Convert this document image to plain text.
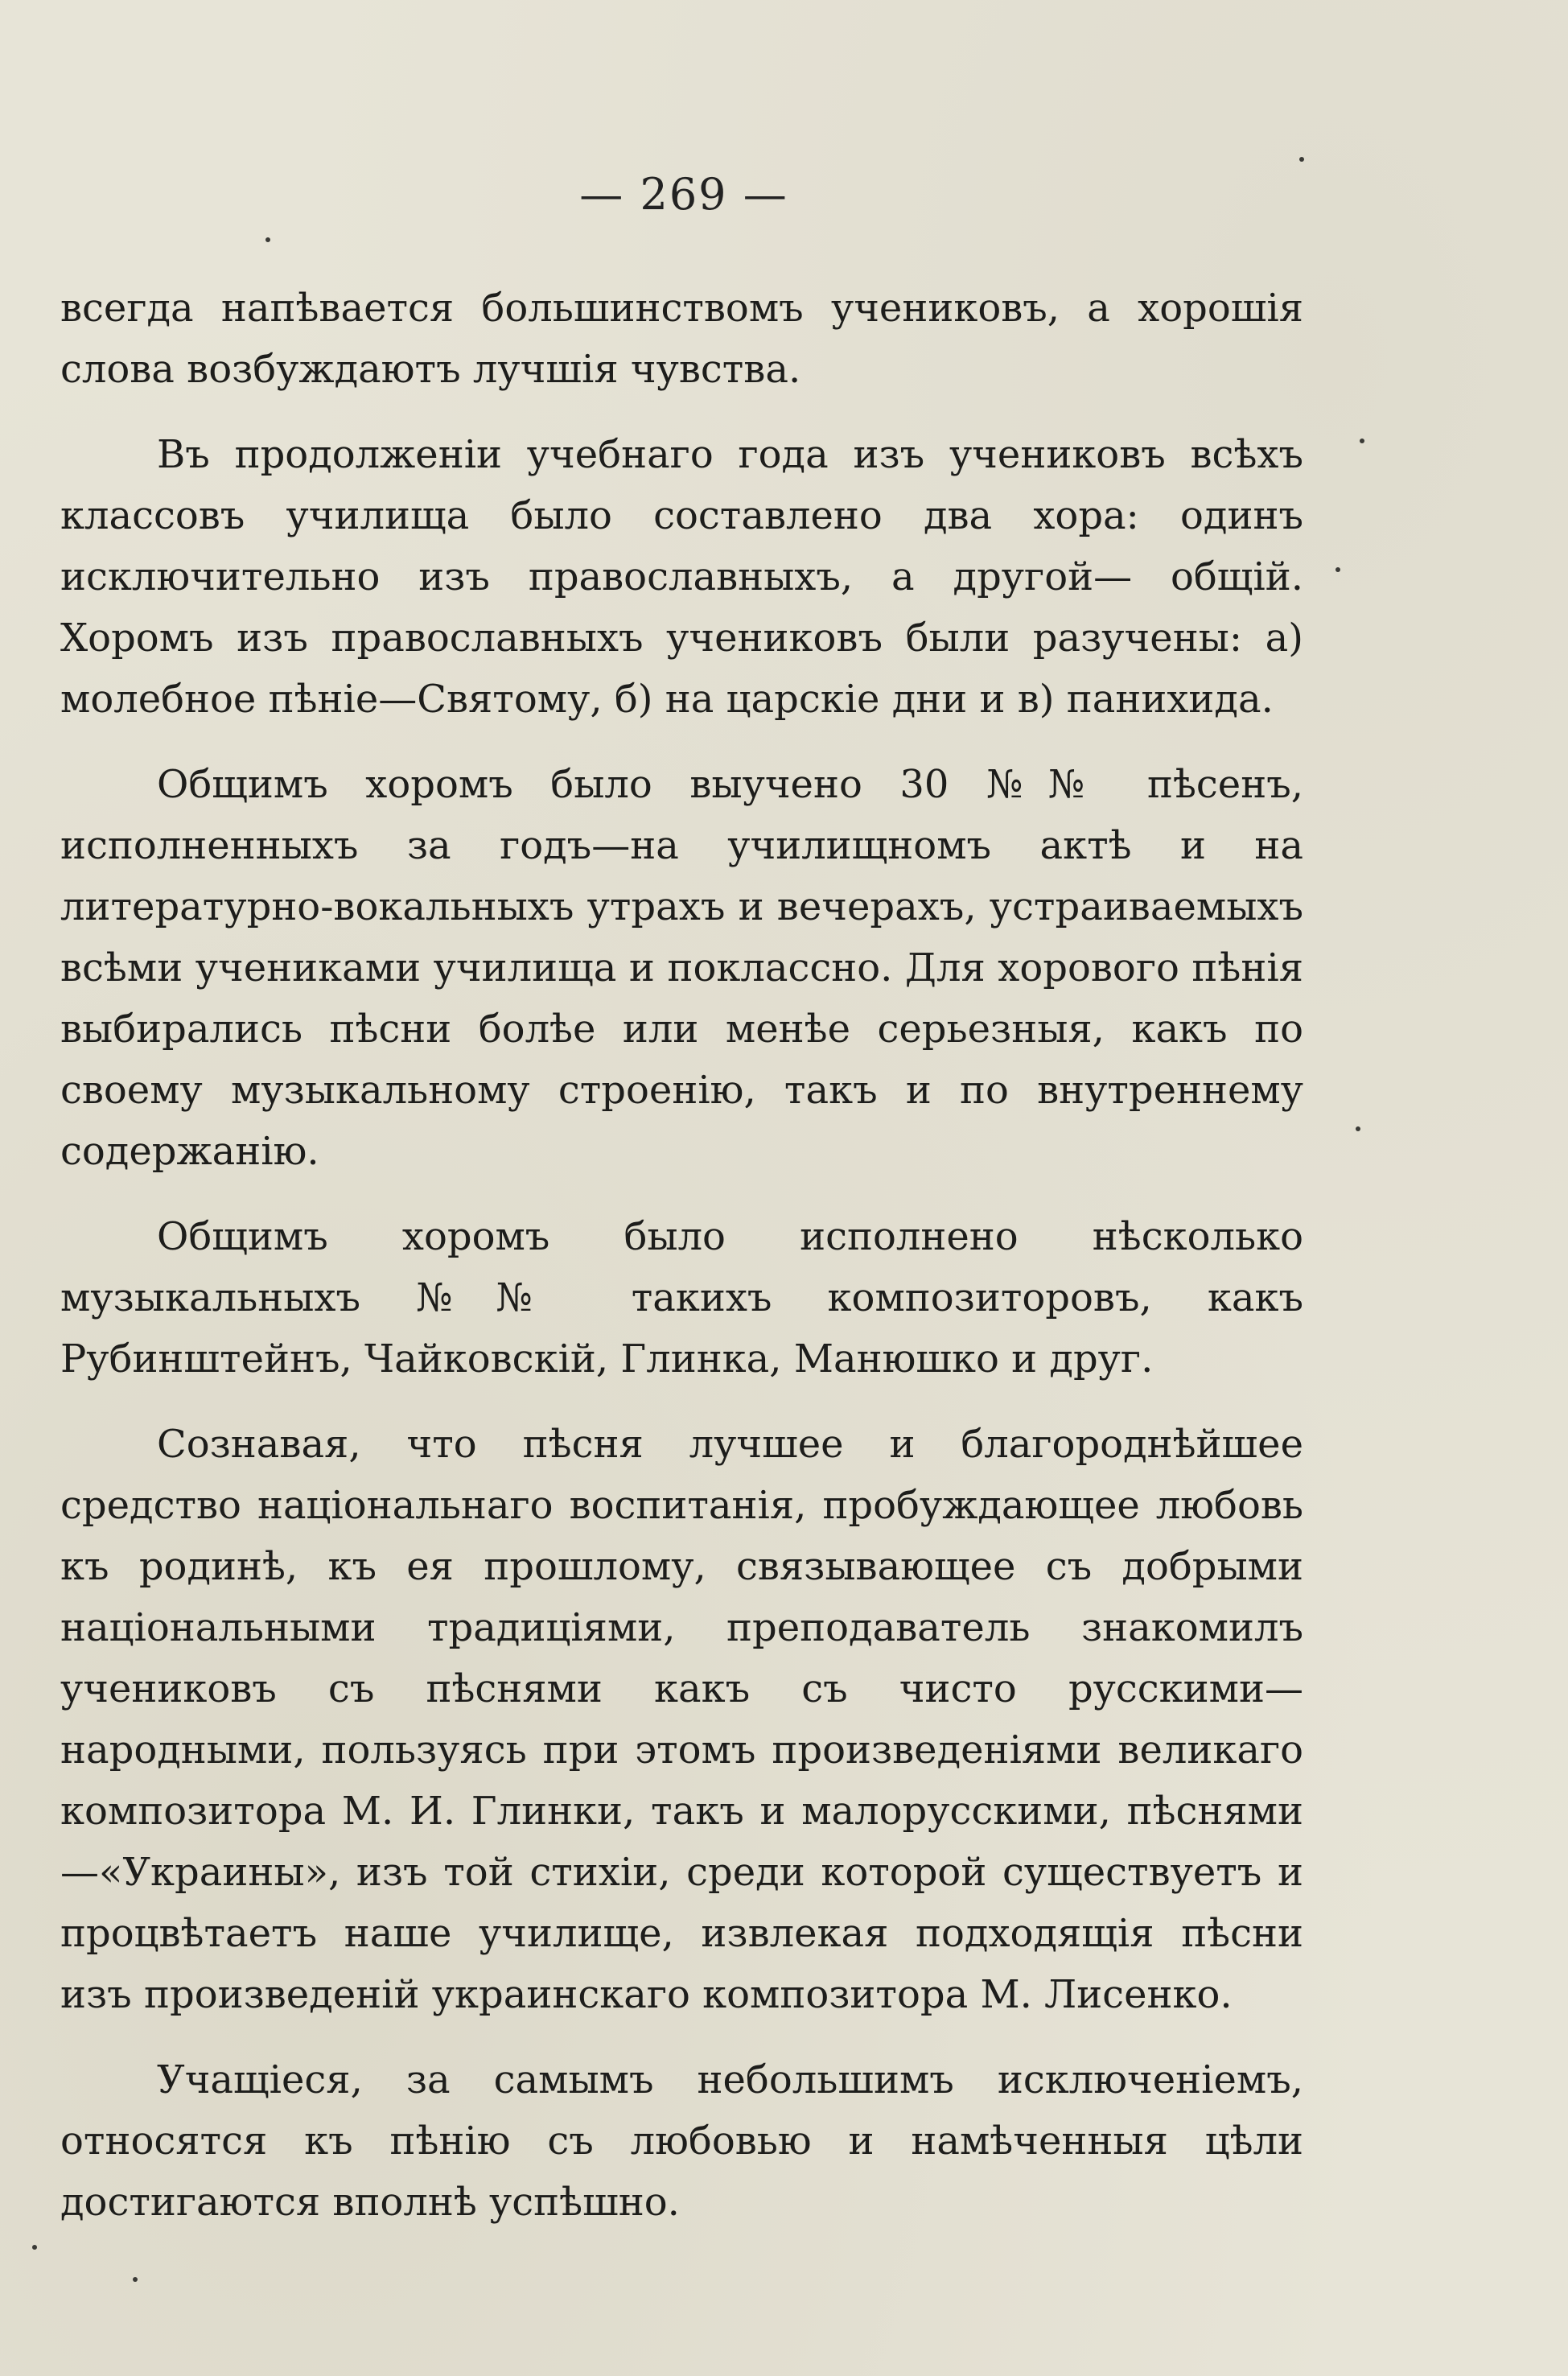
— 269 —

всегда напѣвается большинствомъ учениковъ, а хорошія слова возбуждаютъ лучшія чувства.

Въ продолженіи учебнаго года изъ учениковъ всѣхъ классовъ училища было составлено два хора: одинъ исключительно изъ православныхъ, а другой— общій. Хоромъ изъ православныхъ учениковъ были разучены: а) молебное пѣніе—Святому, б) на царскіе дни и в) панихида.

Общимъ хоромъ было выучено 30 №№ пѣсенъ, исполненныхъ за годъ—на училищномъ актѣ и на литературно-вокальныхъ утрахъ и вечерахъ, устраиваемыхъ всѣми учениками училища и поклассно. Для хорового пѣнія выбирались пѣсни болѣе или менѣе серьезныя, какъ по своему музыкальному строенію, такъ и по внутреннему содержанію.

Общимъ хоромъ было исполнено нѣсколько музыкальныхъ №№ такихъ композиторовъ, какъ Рубинштейнъ, Чайковскій, Глинка, Манюшко и друг.

Сознавая, что пѣсня лучшее и благороднѣйшее средство національнаго воспитанія, пробуждающее любовь къ родинѣ, къ ея прошлому, связывающее съ добрыми національными традиціями, преподаватель знакомилъ учениковъ съ пѣснями какъ съ чисто русскими— народными, пользуясь при этомъ произведеніями великаго композитора М. И. Глинки, такъ и малорусскими, пѣснями—«Украины», изъ той стихіи, среди которой существуетъ и процвѣтаетъ наше училище, извлекая подходящія пѣсни изъ произведеній украинскаго композитора М. Лисенко.

Учащіеся, за самымъ небольшимъ исключеніемъ, относятся къ пѣнію съ любовью и намѣченныя цѣли достигаются вполнѣ успѣшно.
